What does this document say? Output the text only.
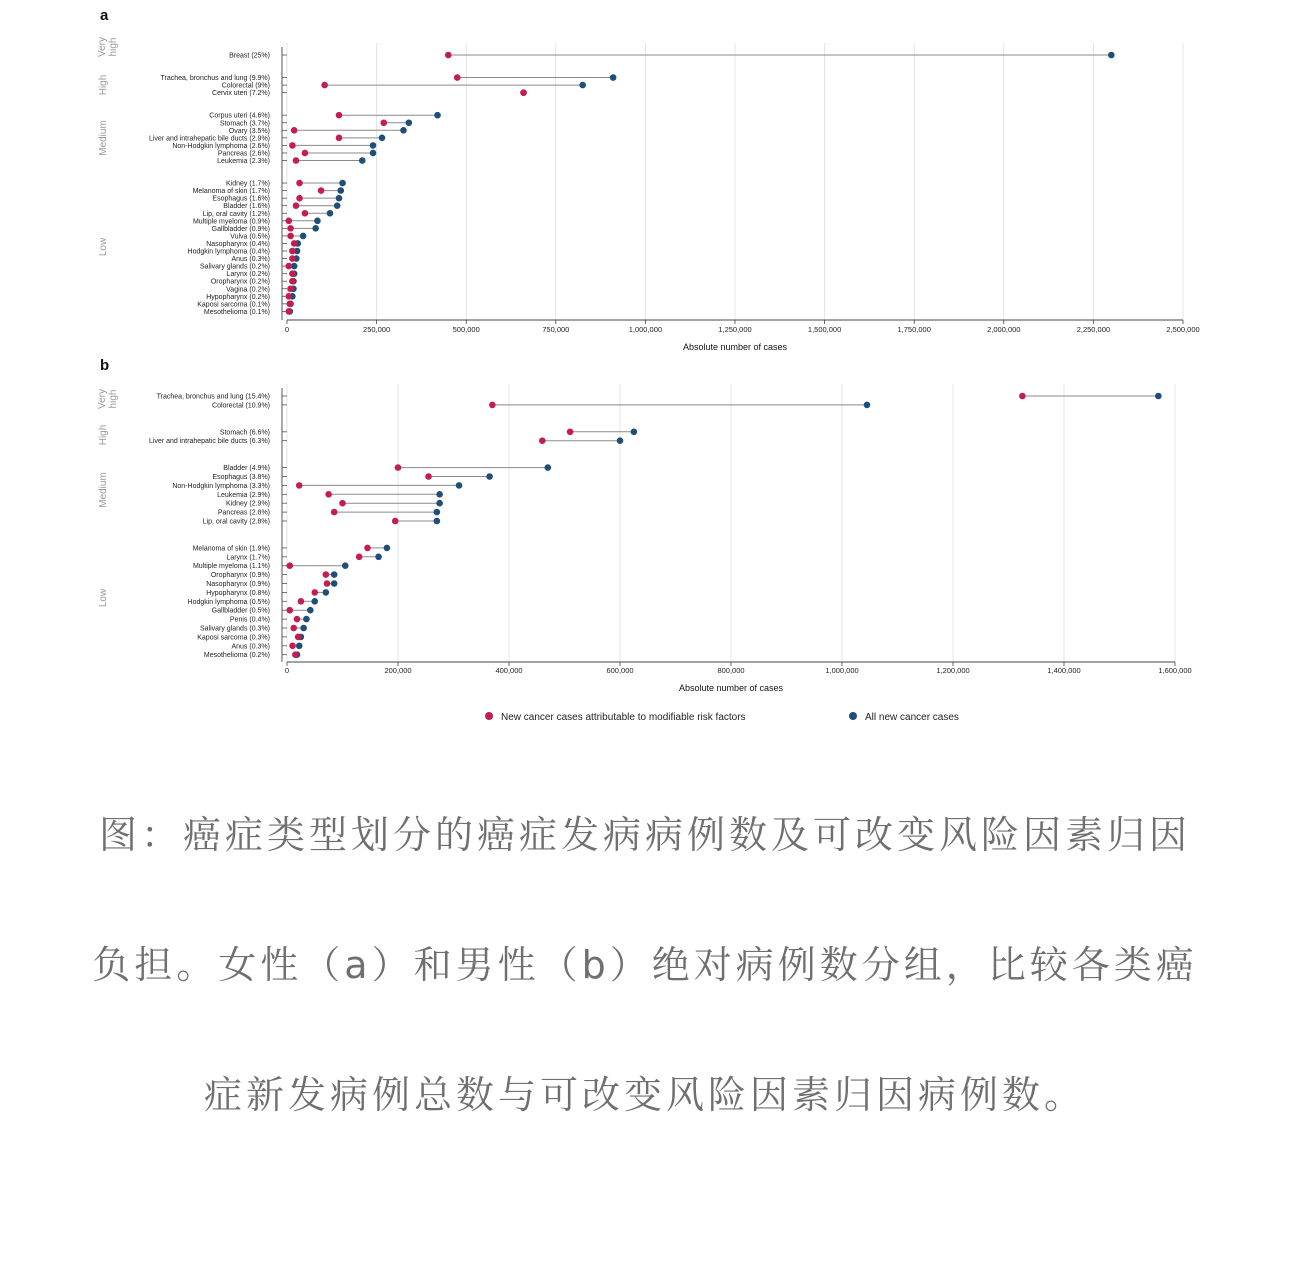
a
Breast (25%)
Veryhigh
Trachea, bronchus and lung (9.9%)
Colorectal (9%)
Cervix uteri (7.2%)
High
Corpus uteri (4.6%)
Stomach (3.7%)
Ovary (3.5%)
Liver and intrahepatic bile ducts (2.9%)
Non-Hodgkin lymphoma (2.6%)
Pancreas (2.6%)
Leukemia (2.3%)
Medium
Kidney (1.7%)
Melanoma of skin (1.7%)
Esophagus (1.6%)
Bladder (1.6%)
Lip, oral cavity (1.2%)
Multiple myeloma (0.9%)
Gallbladder (0.9%)
Vulva (0.5%)
Nasopharynx (0.4%)
Hodgkin lymphoma (0.4%)
Anus (0.3%)
Salivary glands (0.2%)
Larynx (0.2%)
Oropharynx (0.2%)
Vagina (0.2%)
Hypopharynx (0.2%)
Kaposi sarcoma (0.1%)
Mesothelioma (0.1%)
Low
0	250,000	500,000	750,000	1,000,000	1,250,000	1,500,000	1,750,000	2,000,000	2,250,000	2,500,000
Absolute number of cases
b
Trachea, bronchus and lung (15.4%)
Colorectal (10.9%)
Veryhigh
Stomach (6.6%)
Liver and intrahepatic bile ducts (6.3%)
High
Bladder (4.9%)
Esophagus (3.8%)
Non-Hodgkin lymphoma (3.3%)
Leukemia (2.9%)
Kidney (2.9%)
Pancreas (2.8%)
Lip, oral cavity (2.8%)
Medium
Melanoma of skin (1.9%)
Larynx (1.7%)
Multiple myeloma (1.1%)
Oropharynx (0.9%)
Nasopharynx (0.9%)
Hypopharynx (0.8%)
Hodgkin lymphoma (0.5%)
Gallbladder (0.5%)
Penis (0.4%)
Salivary glands (0.3%)
Kaposi sarcoma (0.3%)
Anus (0.3%)
Mesothelioma (0.2%)
Low
0	200,000	400,000	600,000	800,000	1,000,000	1,200,000	1,400,000	1,600,000
Absolute number of cases
New cancer cases attributable to modifiable risk factors	All new cancer cases

图：癌症类型划分的癌症发病病例数及可改变风险因素归因负担。女性（a）和男性（b）绝对病例数分组，比较各类癌症新发病例总数与可改变风险因素归因病例数。
